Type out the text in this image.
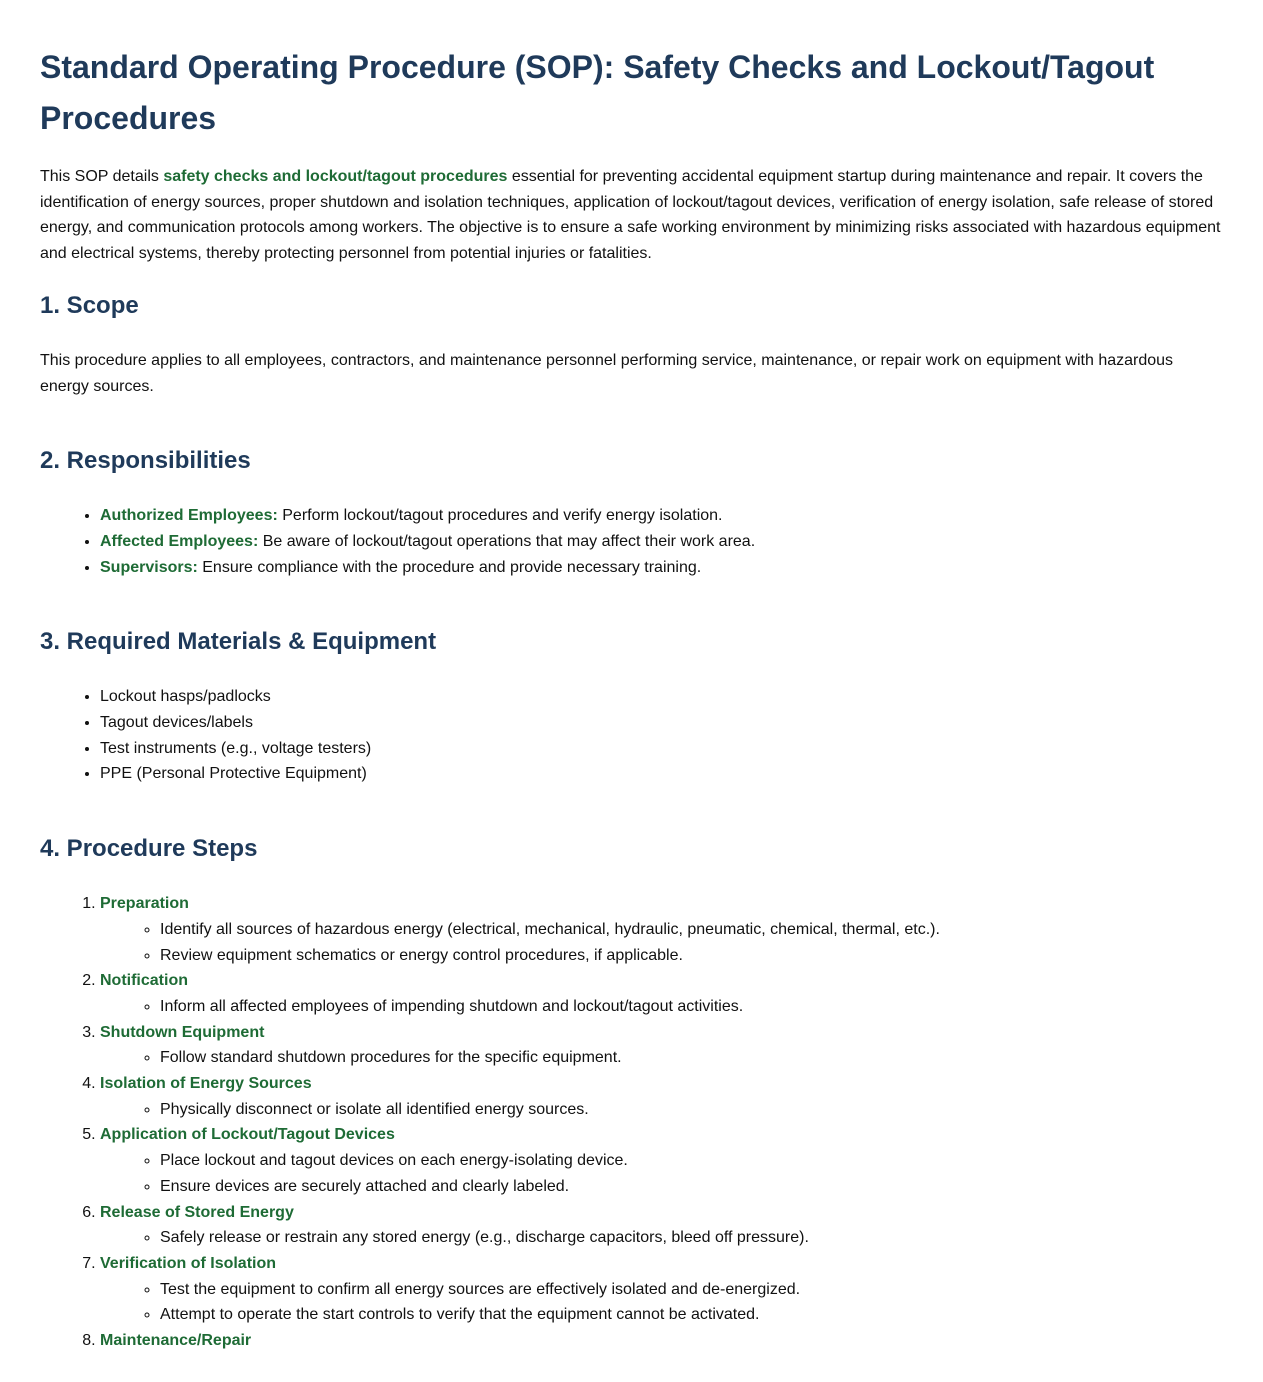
Standard Operating Procedure (SOP): Safety Checks and Lockout/Tagout Procedures

This SOP details safety checks and lockout/tagout procedures essential for preventing accidental equipment startup during maintenance and repair. It covers the identification of energy sources, proper shutdown and isolation techniques, application of lockout/tagout devices, verification of energy isolation, safe release of stored energy, and communication protocols among workers. The objective is to ensure a safe working environment by minimizing risks associated with hazardous equipment and electrical systems, thereby protecting personnel from potential injuries or fatalities.

1. Scope

This procedure applies to all employees, contractors, and maintenance personnel performing service, maintenance, or repair work on equipment with hazardous energy sources.

2. Responsibilities
• Authorized Employees: Perform lockout/tagout procedures and verify energy isolation.
• Affected Employees: Be aware of lockout/tagout operations that may affect their work area.
• Supervisors: Ensure compliance with the procedure and provide necessary training.
3. Required Materials & Equipment
• Lockout hasps/padlocks
• Tagout devices/labels
• Test instruments (e.g., voltage testers)
• PPE (Personal Protective Equipment)
4. Procedure Steps
1. Preparation
◦ Identify all sources of hazardous energy (electrical, mechanical, hydraulic, pneumatic, chemical, thermal, etc.).
◦ Review equipment schematics or energy control procedures, if applicable.
2. Notification
◦ Inform all affected employees of impending shutdown and lockout/tagout activities.
3. Shutdown Equipment
◦ Follow standard shutdown procedures for the specific equipment.
4. Isolation of Energy Sources
◦ Physically disconnect or isolate all identified energy sources.
5. Application of Lockout/Tagout Devices
◦ Place lockout and tagout devices on each energy-isolating device.
◦ Ensure devices are securely attached and clearly labeled.
6. Release of Stored Energy
◦ Safely release or restrain any stored energy (e.g., discharge capacitors, bleed off pressure).
7. Verification of Isolation
◦ Test the equipment to confirm all energy sources are effectively isolated and de-energized.
◦ Attempt to operate the start controls to verify that the equipment cannot be activated.
8. Maintenance/Repair
